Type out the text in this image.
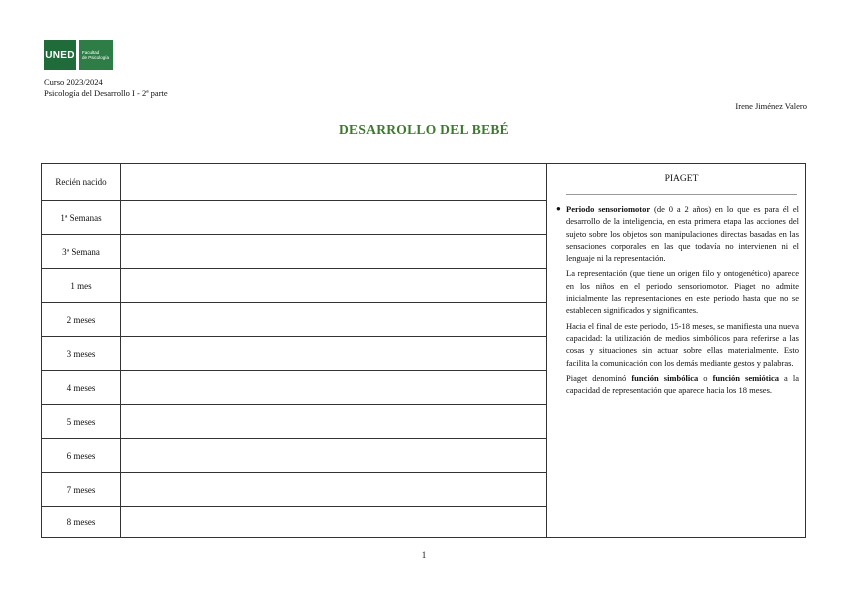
UNED Facultad
de Psicología
Curso 2023/2024
Psicología del Desarrollo I - 2ª parte
Irene Jiménez Valero
DESARROLLO DEL BEBÉ
Recién nacido
1ª Semanas
3ª Semana
1 mes
2 meses
3 meses
4 meses
5 meses
6 meses
7 meses
8 meses
PIAGET
● Periodo sensoriomotor (de 0 a 2 años) en lo que es para él el desarrollo de la inteligencia, en esta primera etapa las acciones del sujeto sobre los objetos son manipulaciones directas basadas en las sensaciones corporales en las que todavía no intervienen ni el lenguaje ni la representación.
La representación (que tiene un origen filo y ontogenético) aparece en los niños en el periodo sensoriomotor. Piaget no admite inicialmente las representaciones en este periodo hasta que no se establecen significados y significantes.
Hacia el final de este periodo, 15-18 meses, se manifiesta una nueva capacidad: la utilización de medios simbólicos para referirse a las cosas y situaciones sin actuar sobre ellas materialmente. Esto facilita la comunicación con los demás mediante gestos y palabras.
Piaget denominó función simbólica o función semiótica a la capacidad de representación que aparece hacia los 18 meses.
1
